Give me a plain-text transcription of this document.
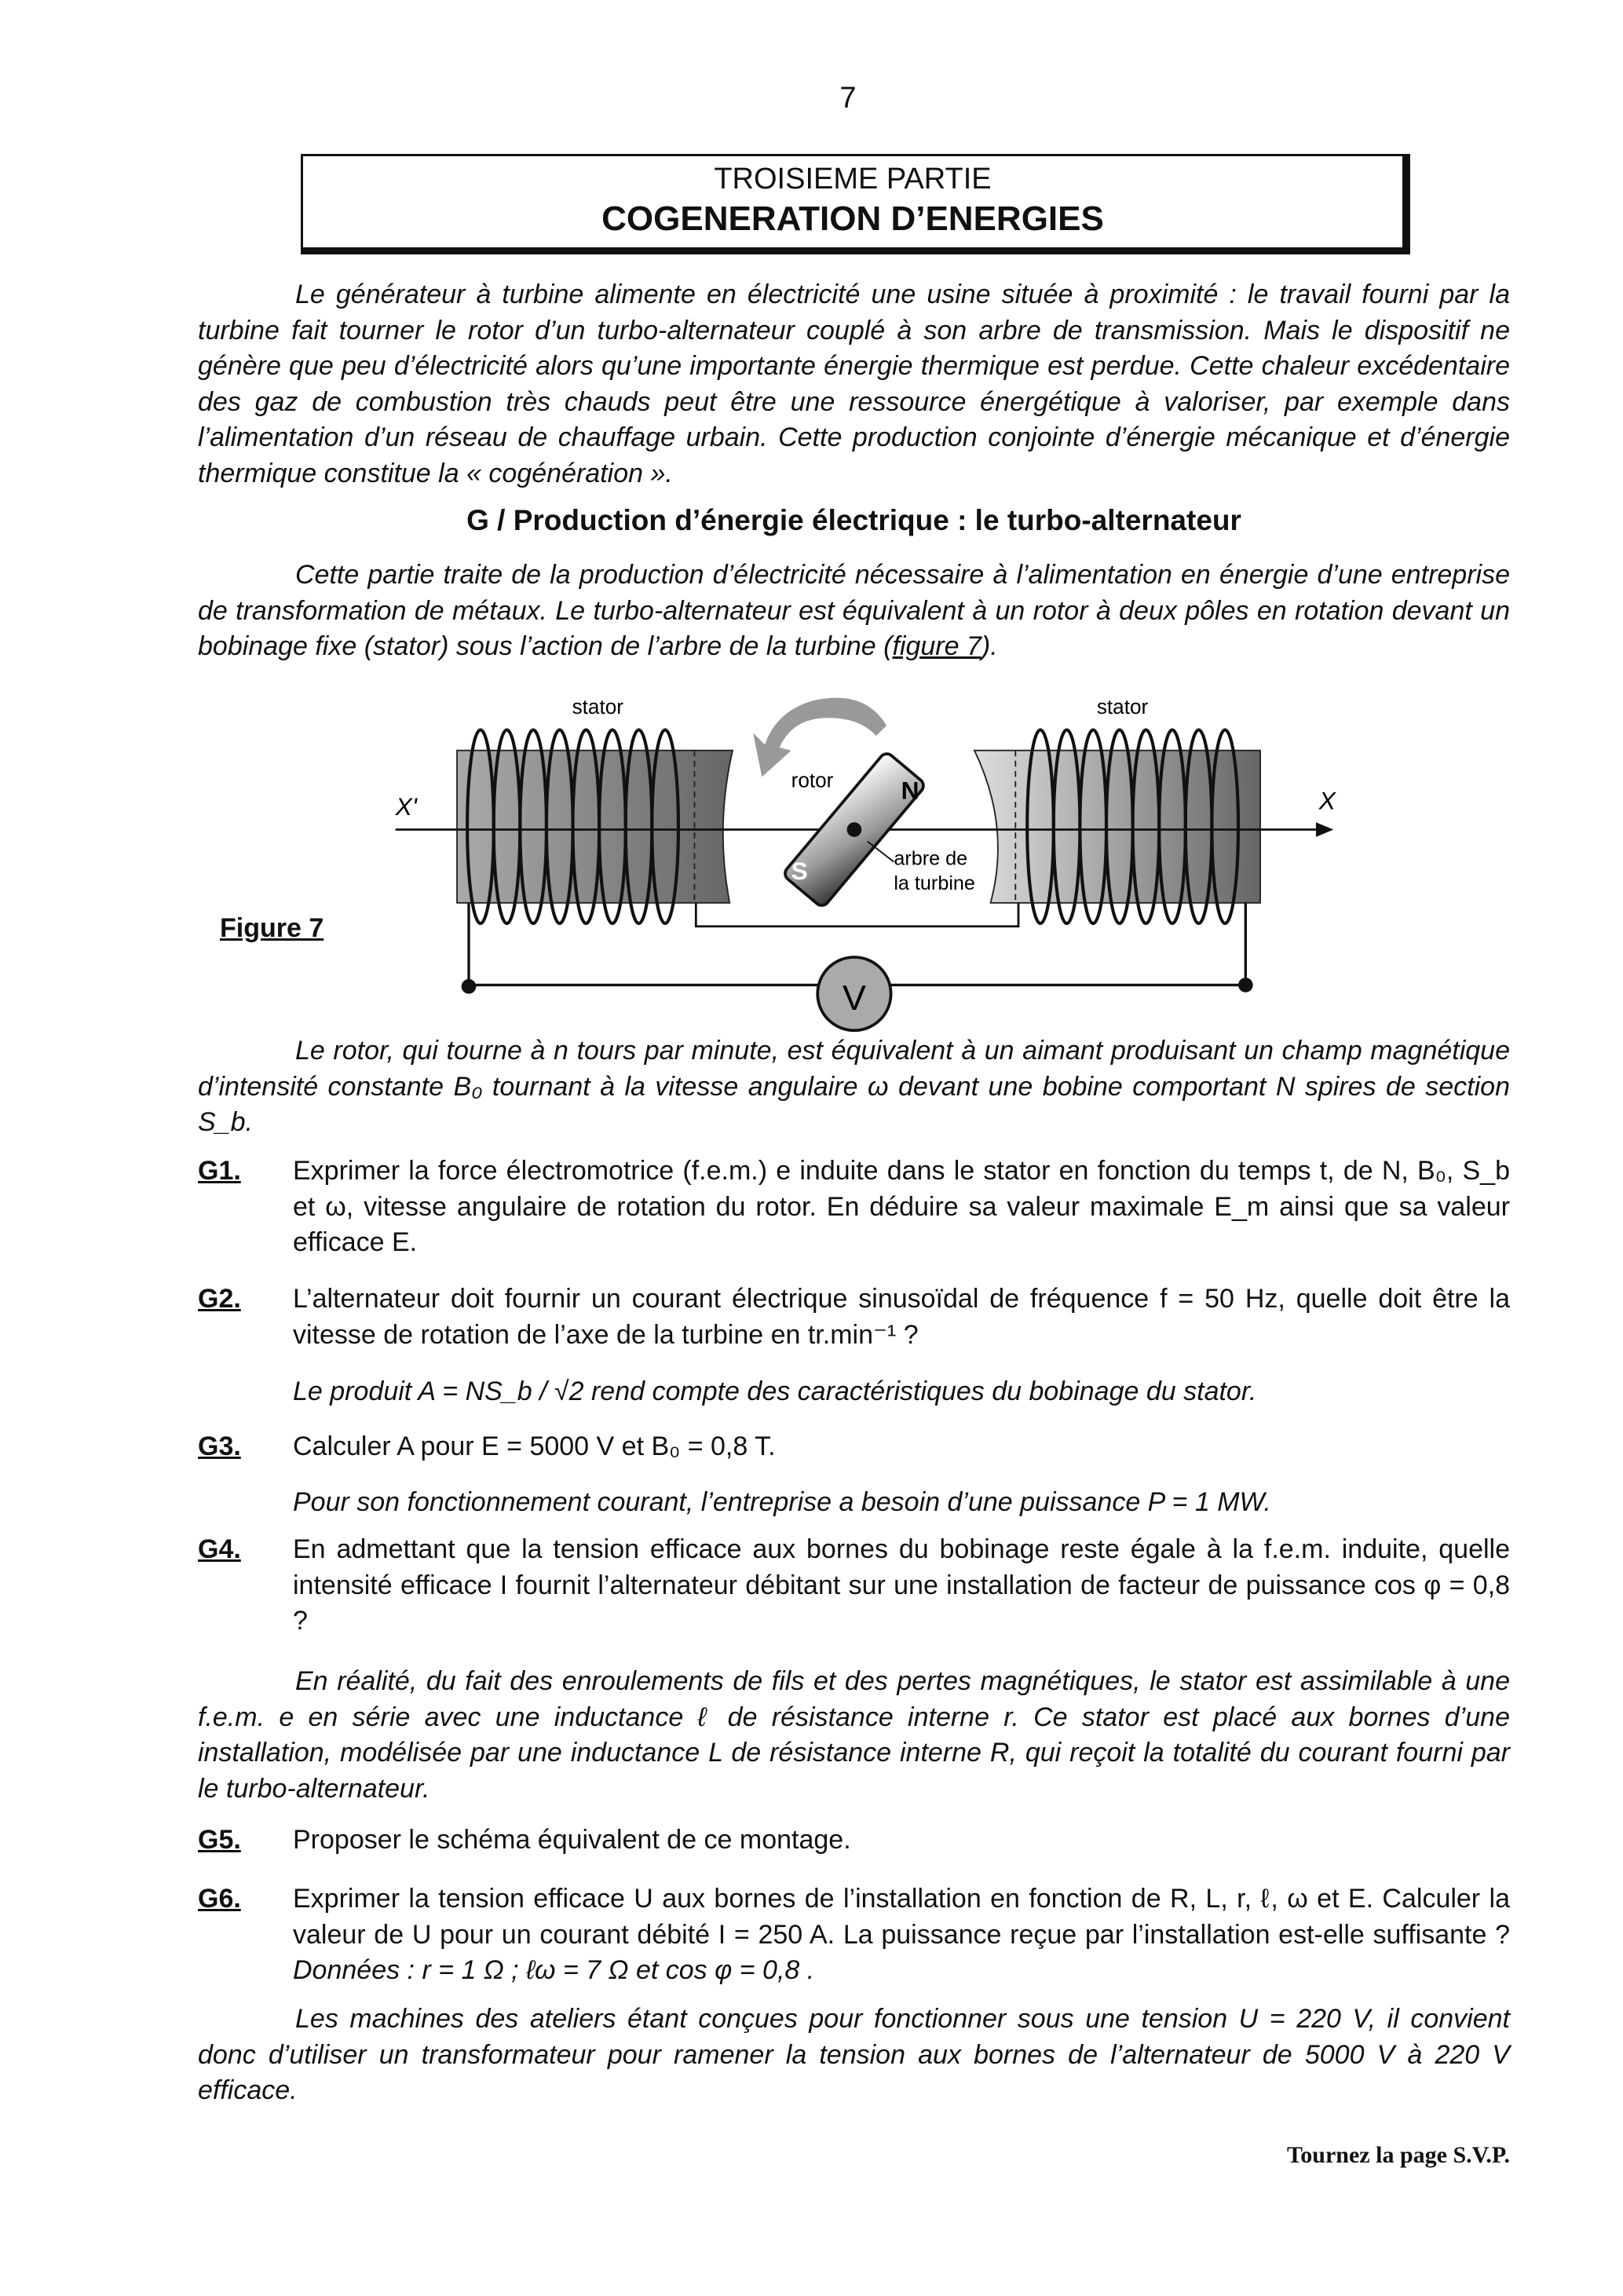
7
TROISIEME PARTIE
COGENERATION D’ENERGIES
Le générateur à turbine alimente en électricité une usine située à proximité : le travail fourni par la turbine fait tourner le rotor d’un turbo-alternateur couplé à son arbre de transmission. Mais le dispositif ne génère que peu d’électricité alors qu’une importante énergie thermique est perdue. Cette chaleur excédentaire des gaz de combustion très chauds peut être une ressource énergétique à valoriser, par exemple dans l’alimentation d’un réseau de chauffage urbain. Cette production conjointe d’énergie mécanique et d’énergie thermique constitue la « cogénération ».
G / Production d’énergie électrique : le turbo-alternateur
Cette partie traite de la production d’électricité nécessaire à l’alimentation en énergie d’une entreprise de transformation de métaux. Le turbo-alternateur est équivalent à un rotor à deux pôles en rotation devant un bobinage fixe (stator) sous l’action de l’arbre de la turbine (figure 7).
Figure 7
stator	stator
X'	X
rotor	N
S	arbre de
la turbine
V
Le rotor, qui tourne à n tours par minute, est équivalent à un aimant produisant un champ magnétique d’intensité constante B₀ tournant à la vitesse angulaire ω devant une bobine comportant N spires de section S_b.
G1. Exprimer la force électromotrice (f.e.m.) e induite dans le stator en fonction du temps t, de N, B₀, S_b et ω, vitesse angulaire de rotation du rotor. En déduire sa valeur maximale E_m ainsi que sa valeur efficace E.
G2. L’alternateur doit fournir un courant électrique sinusoïdal de fréquence f = 50 Hz, quelle doit être la vitesse de rotation de l’axe de la turbine en tr.min⁻¹ ?
Le produit A = NS_b / √2 rend compte des caractéristiques du bobinage du stator.
G3. Calculer A pour E = 5000 V et B₀ = 0,8 T.
Pour son fonctionnement courant, l’entreprise a besoin d’une puissance P = 1 MW.
G4. En admettant que la tension efficace aux bornes du bobinage reste égale à la f.e.m. induite, quelle intensité efficace I fournit l’alternateur débitant sur une installation de facteur de puissance cos φ = 0,8 ?
En réalité, du fait des enroulements de fils et des pertes magnétiques, le stator est assimilable à une f.e.m. e en série avec une inductance ℓ de résistance interne r. Ce stator est placé aux bornes d’une installation, modélisée par une inductance L de résistance interne R, qui reçoit la totalité du courant fourni par le turbo-alternateur.
G5. Proposer le schéma équivalent de ce montage.
G6. Exprimer la tension efficace U aux bornes de l’installation en fonction de R, L, r, ℓ, ω et E. Calculer la valeur de U pour un courant débité I = 250 A. La puissance reçue par l’installation est-elle suffisante ? Données : r = 1 Ω ; ℓω = 7 Ω et cos φ = 0,8 .
Les machines des ateliers étant conçues pour fonctionner sous une tension U = 220 V, il convient donc d’utiliser un transformateur pour ramener la tension aux bornes de l’alternateur de 5000 V à 220 V efficace.
Tournez la page S.V.P.
